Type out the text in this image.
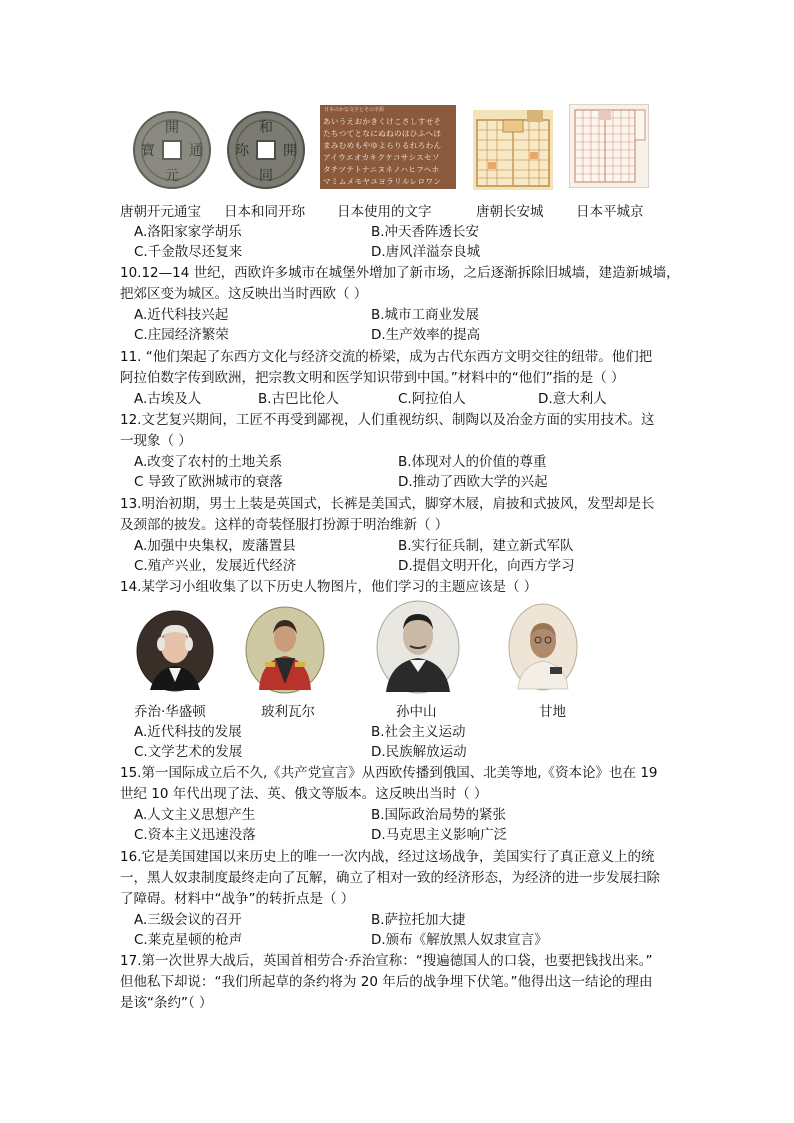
開
元
通
寶
和
同
開
珎
日本のかな文字とその字源
あいうえおかきくけこさしすせそ
たちつてとなにぬねのはひふへほ
まみむめもやゆよらりるれろわん
アイウエオカキクケコサシスセソ
タチツテトナニヌネノハヒフヘホ
マミムメモヤユヨラリルレロワン
唐朝开元通宝 日本和同开珎 日本使用的文字	唐朝长安城 日本平城京
A.洛阳家家学胡乐	B.冲天香阵透长安
C.千金散尽还复来	D.唐风洋溢奈良城
10.12—14 世纪，西欧许多城市在城堡外增加了新市场，之后逐渐拆除旧城墙，建造新城墙，
把郊区变为城区。这反映出当时西欧（ ）
A.近代科技兴起	B.城市工商业发展
C.庄园经济繁荣	D.生产效率的提高
11. “他们架起了东西方文化与经济交流的桥梁，成为古代东西方文明交往的纽带。他们把
阿拉伯数字传到欧洲，把宗教文明和医学知识带到中国。”材料中的“他们”指的是（ ）
A.古埃及人	B.古巴比伦人	C.阿拉伯人	D.意大利人
12.文艺复兴期间，工匠不再受到鄙视，人们重视纺织、制陶以及冶金方面的实用技术。这
一现象（ ）
A.改变了农村的土地关系	B.体现对人的价值的尊重
C 导致了欧洲城市的衰落	D.推动了西欧大学的兴起
13.明治初期，男士上装是英国式，长裤是美国式，脚穿木屐，肩披和式披风，发型却是长
及颈部的披发。这样的奇装怪服打扮源于明治维新（ ）
A.加强中央集权，废藩置县	B.实行征兵制，建立新式军队
C.殖产兴业，发展近代经济	D.提倡文明开化，向西方学习
14.某学习小组收集了以下历史人物图片，他们学习的主题应该是（ ）
乔治·华盛顿	玻利瓦尔	孙中山	甘地
A.近代科技的发展	B.社会主义运动
C.文学艺术的发展	D.民族解放运动
15.第一国际成立后不久,《共产党宣言》从西欧传播到俄国、北美等地,《资本论》也在 19
世纪 10 年代出现了法、英、俄文等版本。这反映出当时（ ）
A.人文主义思想产生	B.国际政治局势的紧张
C.资本主义迅速没落	D.马克思主义影响广泛
16.它是美国建国以来历史上的唯一一次内战，经过这场战争，美国实行了真正意义上的统
一，黑人奴隶制度最终走向了瓦解，确立了相对一致的经济形态，为经济的进一步发展扫除
了障碍。材料中“战争”的转折点是（ ）
A.三级会议的召开	B.萨拉托加大捷
C.莱克星顿的枪声	D.颁布《解放黑人奴隶宣言》
17.第一次世界大战后，英国首相劳合·乔治宣称：“搜遍德国人的口袋，也要把钱找出来。”
但他私下却说：“我们所起草的条约将为 20 年后的战争埋下伏笔。”他得出这一结论的理由
是该“条约”（ ）
